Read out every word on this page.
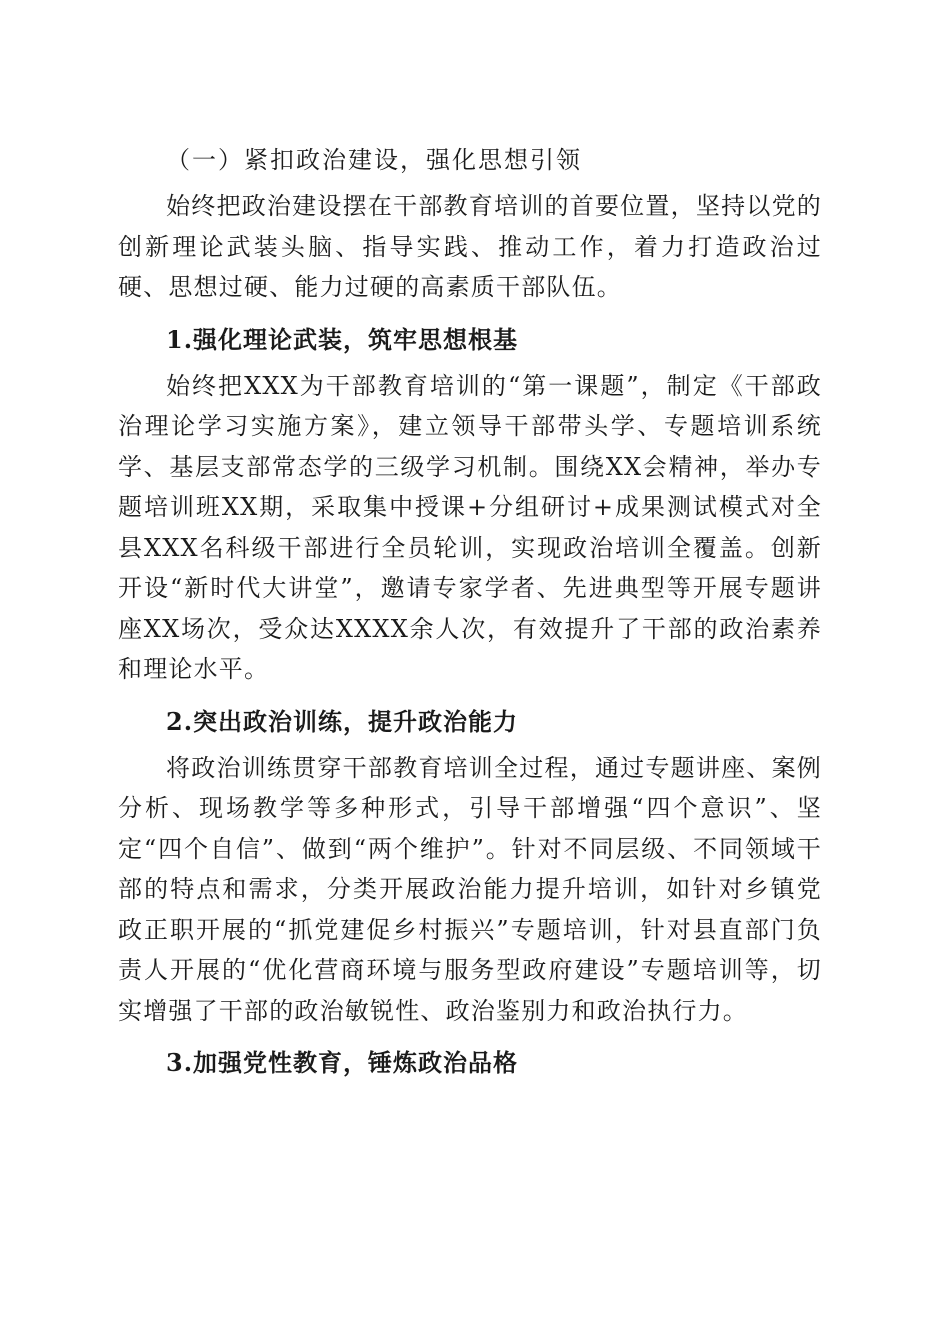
（一）紧扣政治建设，强化思想引领

始终把政治建设摆在干部教育培训的首要位置，坚持以党的创新理论武装头脑、指导实践、推动工作，着力打造政治过硬、思想过硬、能力过硬的高素质干部队伍。

1.强化理论武装，筑牢思想根基

始终把XXX为干部教育培训的“第一课题”，制定《干部政治理论学习实施方案》，建立领导干部带头学、专题培训系统学、基层支部常态学的三级学习机制。围绕XX会精神，举办专题培训班XX期，采取集中授课+分组研讨+成果测试模式对全县XXX名科级干部进行全员轮训，实现政治培训全覆盖。创新开设“新时代大讲堂”，邀请专家学者、先进典型等开展专题讲座XX场次，受众达XXXX余人次，有效提升了干部的政治素养和理论水平。

2.突出政治训练，提升政治能力

将政治训练贯穿干部教育培训全过程，通过专题讲座、案例分析、现场教学等多种形式，引导干部增强“四个意识”、坚定“四个自信”、做到“两个维护”。针对不同层级、不同领域干部的特点和需求，分类开展政治能力提升培训，如针对乡镇党政正职开展的“抓党建促乡村振兴”专题培训，针对县直部门负责人开展的“优化营商环境与服务型政府建设”专题培训等，切实增强了干部的政治敏锐性、政治鉴别力和政治执行力。

3.加强党性教育，锤炼政治品格
